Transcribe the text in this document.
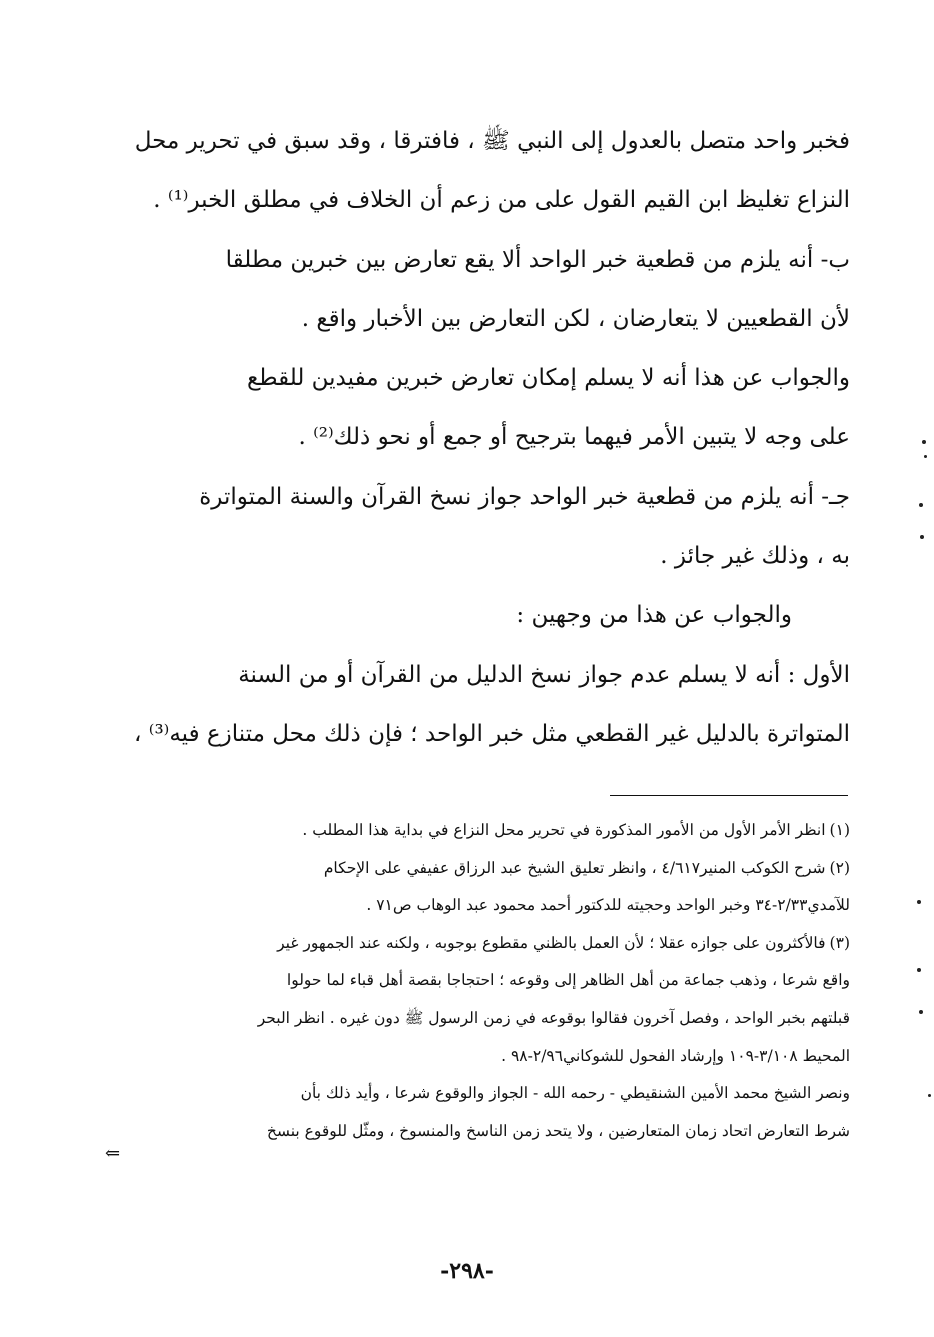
فخبر واحد متصل بالعدول إلى النبي ﷺ ، فافترقا ، وقد سبق في تحرير محل
النزاع تغليظ ابن القيم القول على من زعم أن الخلاف في مطلق الخبر⁽¹⁾ .

ب- أنه يلزم من قطعية خبر الواحد ألا يقع تعارض بين خبرين مطلقا
لأن القطعيين لا يتعارضان ، لكن التعارض بين الأخبار واقع .

والجواب عن هذا أنه لا يسلم إمكان تعارض خبرين مفيدين للقطع
على وجه لا يتبين الأمر فيهما بترجيح أو جمع أو نحو ذلك⁽²⁾ .

جـ- أنه يلزم من قطعية خبر الواحد جواز نسخ القرآن والسنة المتواترة
به ، وذلك غير جائز .

والجواب عن هذا من وجهين :

الأول : أنه لا يسلم عدم جواز نسخ الدليل من القرآن أو من السنة
المتواترة بالدليل غير القطعي مثل خبر الواحد ؛ فإن ذلك محل متنازع فيه⁽³⁾ ،

(١)انظر الأمر الأول من الأمور المذكورة في تحرير محل النزاع في بداية هذا المطلب .
(٢)شرح الكوكب المنير٤/٦١٧ ، وانظر تعليق الشيخ عبد الرزاق عفيفي على الإحكام
للآمدي٢/٣٣-٣٤ وخبر الواحد وحجيته للدكتور أحمد محمود عبد الوهاب ص٧١ .
(٣)فالأكثرون على جوازه عقلا ؛ لأن العمل بالظني مقطوع بوجوبه ، ولكنه عند الجمهور غير
واقع شرعا ، وذهب جماعة من أهل الظاهر إلى وقوعه ؛ احتجاجا بقصة أهل قباء لما حولوا
قبلتهم بخبر الواحد ، وفصل آخرون فقالوا بوقوعه في زمن الرسول ﷺ دون غيره . انظر البحر
المحيط ٣/١٠٨-١٠٩ وإرشاد الفحول للشوكاني٢/٩٦-٩٨ .
ونصر الشيخ محمد الأمين الشنقيطي - رحمه الله - الجواز والوقوع شرعا ، وأيد ذلك بأن
شرط التعارض اتحاد زمان المتعارضين ، ولا يتحد زمن الناسخ والمنسوخ ، ومثّل للوقوع بنسخ
⇐
-٢٩٨-
